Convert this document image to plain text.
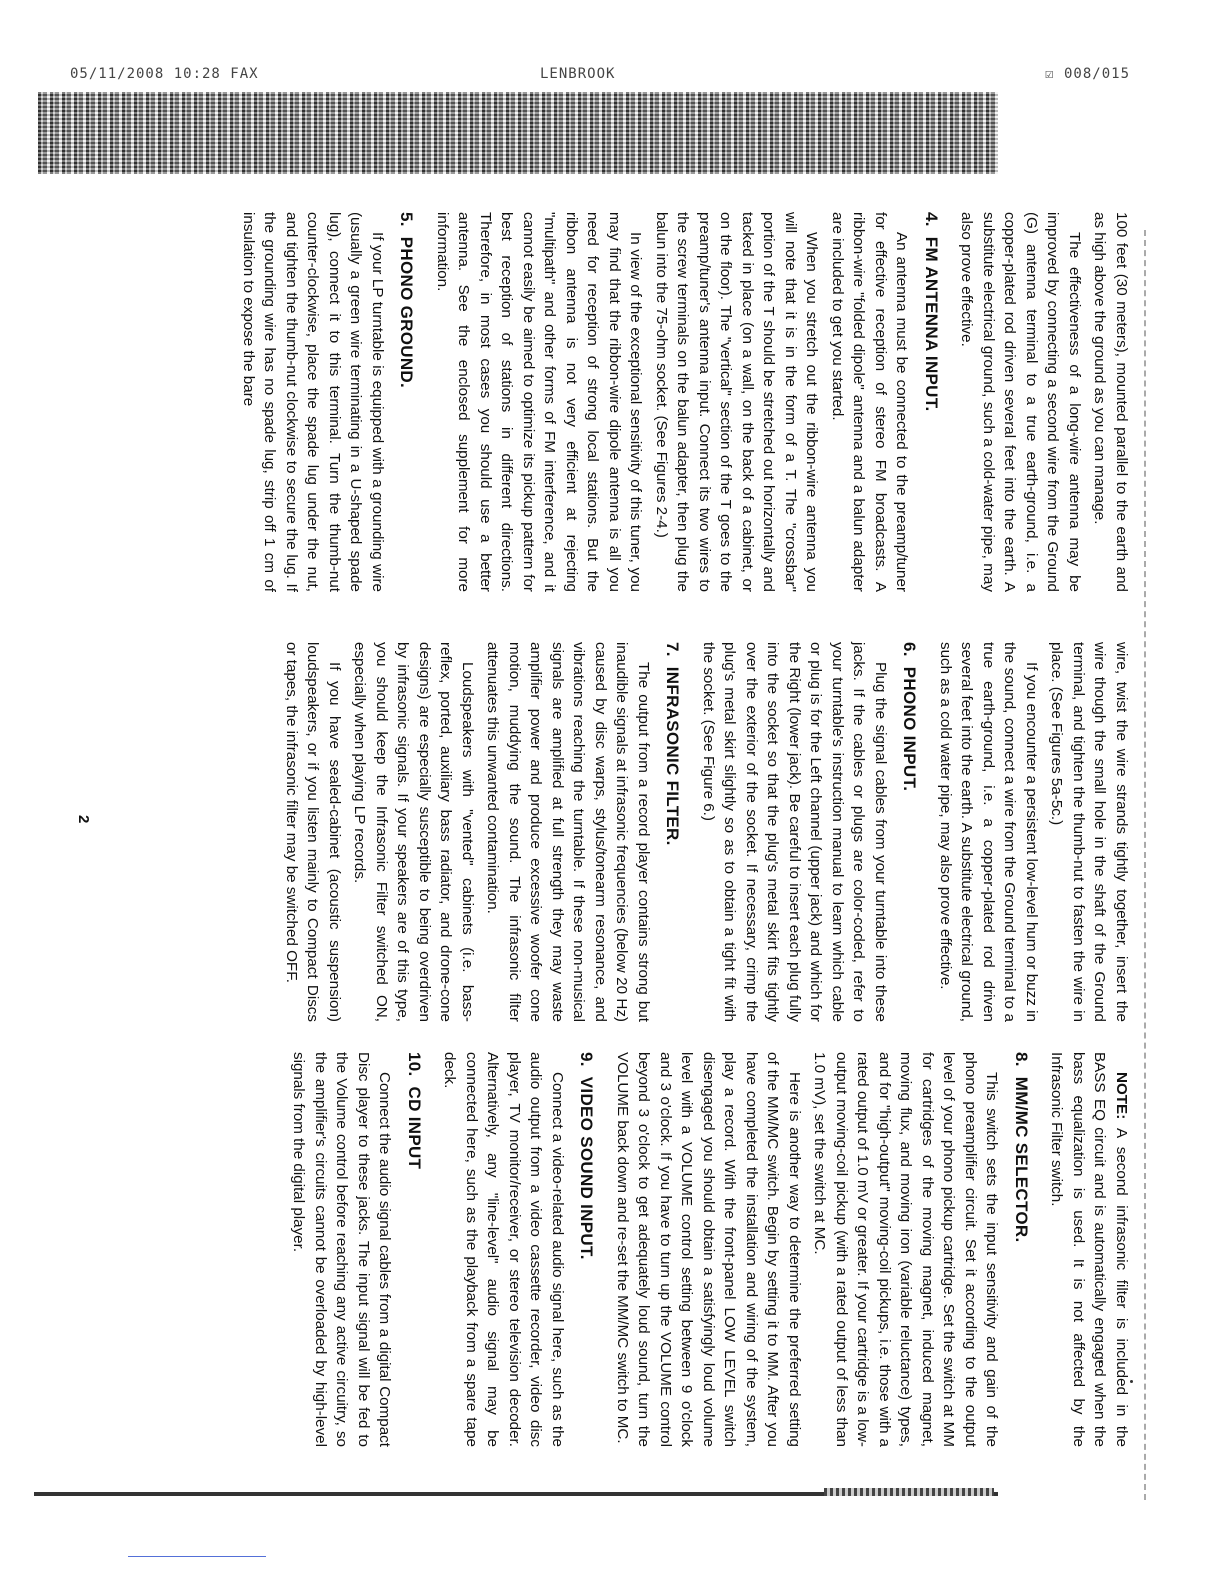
05/11/2008 10:28 FAX	LENBROOK	☑ 008/015

100 feet (30 meters), mounted parallel to the earth and as high above the ground as you can manage.

The effectiveness of a long-wire antenna may be improved by connecting a second wire from the Ground (G) antenna terminal to a true earth-ground, i.e. a copper-plated rod driven several feet into the earth. A substitute electrical ground, such a cold-water pipe, may also prove effective.

4.FM ANTENNA INPUT.

An antenna must be connected to the preamp/tuner for effective reception of stereo FM broadcasts. A ribbon-wire "folded dipole" antenna and a balun adapter are included to get you started.

When you stretch out the ribbon-wire antenna you will note that it is in the form of a T. The "crossbar" portion of the T should be stretched out horizontally and tacked in place (on a wall, on the back of a cabinet, or on the floor). The "vertical" section of the T goes to the preamp/tuner's antenna input. Connect its two wires to the screw terminals on the balun adapter, then plug the balun into the 75-ohm socket. (See Figures 2-4.)

In view of the exceptional sensitivity of this tuner, you may find that the ribbon-wire dipole antenna is all you need for reception of strong local stations. But the ribbon antenna is not very efficient at rejecting "multipath" and other forms of FM interference, and it cannot easily be aimed to optimize its pickup pattern for best reception of stations in different directions. Therefore, in most cases you should use a better antenna. See the enclosed supplement for more information.

5.PHONO GROUND.

If your LP turntable is equipped with a grounding wire (usually a green wire terminating in a U-shaped spade lug), connect it to this terminal. Turn the thumb-nut counter-clockwise, place the spade lug under the nut, and tighten the thumb-nut clockwise to secure the lug. If the grounding wire has no spade lug, strip off 1 cm of insulation to expose the bare

wire, twist the wire strands tightly together, insert the wire though the small hole in the shaft of the Ground terminal, and tighten the thumb-nut to fasten the wire in place. (See Figures 5a-5c.)

If you encounter a persistent low-level hum or buzz in the sound, connect a wire from the Ground terminal to a true earth-ground, i.e. a copper-plated rod driven several feet into the earth. A substitute electrical ground, such as a cold water pipe, may also prove effective.

6.PHONO INPUT.

Plug the signal cables from your turntable into these jacks. If the cables or plugs are color-coded, refer to your turntable's instruction manual to learn which cable or plug is for the Left channel (upper jack) and which for the Right (lower jack). Be careful to insert each plug fully into the socket so that the plug's metal skirt fits tightly over the exterior of the socket. If necessary, crimp the plug's metal skirt slightly so as to obtain a tight fit with the socket. (See Figure 6.)

7.INFRASONIC FILTER.

The output from a record player contains strong but inaudible signals at infrasonic frequencies (below 20 Hz) caused by disc warps, stylus/tonearm resonance, and vibrations reaching the turntable. If these non-musical signals are amplified at full strength they may waste amplifier power and produce excessive woofer cone motion, muddying the sound. The infrasonic filter attenuates this unwanted contamination.

Loudspeakers with "vented" cabinets (i.e. bass-reflex, ported, auxiliary bass radiator, and drone-cone designs) are especially susceptible to being overdriven by infrasonic signals. If your speakers are of this type, you should keep the Infrasonic Filter switched ON, especially when playing LP records.

If you have sealed-cabinet (acoustic suspension) loudspeakers, or if you listen mainly to Compact Discs or tapes, the infrasonic filter may be switched OFF.

NOTE: A second infrasonic filter is included in the BASS EQ circuit and is automatically engaged when the bass equalization is used. It is not affected by the Infrasonic Filter switch.

8.MM/MC SELECTOR.

This switch sets the input sensitivity and gain of the phono preamplifier circuit. Set it according to the output level of your phono pickup cartridge. Set the switch at MM for cartridges of the moving magnet, induced magnet, moving flux, and moving iron (variable reluctance) types, and for "high-output" moving-coil pickups, i.e. those with a rated output of 1.0 mV or greater. If your cartridge is a low-output moving-coil pickup (with a rated output of less than 1.0 mV), set the switch at MC.

Here is another way to determine the preferred setting of the MM/MC switch. Begin by setting it to MM. After you have completed the installation and wiring of the system, play a record. With the front-panel LOW LEVEL switch disengaged you should obtain a satisfyingly loud volume level with a VOLUME control setting between 9 o'clock and 3 o'clock. If you have to turn up the VOLUME control beyond 3 o'clock to get adequately loud sound, turn the VOLUME back down and re-set the MM/MC switch to MC.

9.VIDEO SOUND INPUT.

Connect a video-related audio signal here, such as the audio output from a video cassette recorder, video disc player, TV monitor/receiver, or stereo television decoder. Alternatively, any "line-level" audio signal may be connected here, such as the playback from a spare tape deck.

10.CD INPUT

Connect the audio signal cables from a digital Compact Disc player to these jacks. The input signal will be fed to the Volume control before reaching any active circuitry, so the amplifier's circuits cannot be overloaded by high-level signals from the digital player.

2
